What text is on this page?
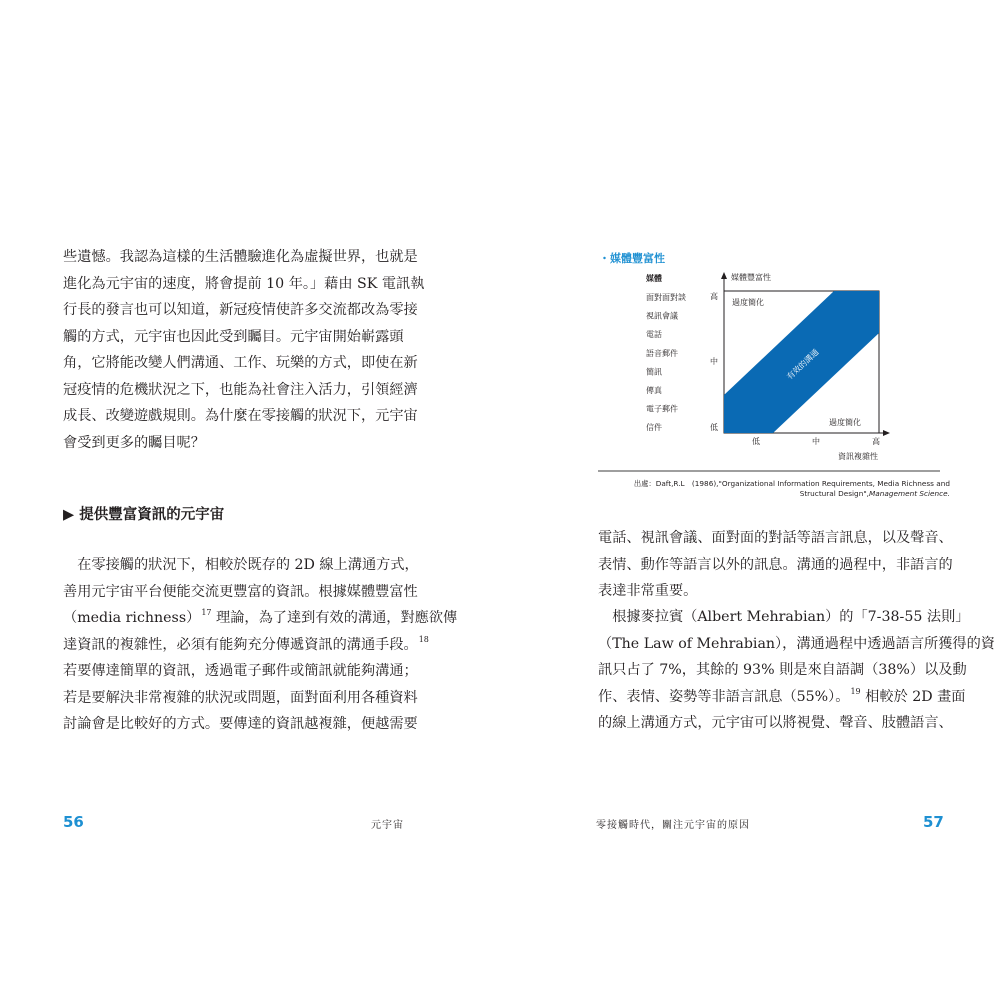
些遺憾。我認為這樣的生活體驗進化為虛擬世界，也就是
進化為元宇宙的速度，將會提前 10 年。」藉由 SK 電訊執
行長的發言也可以知道，新冠疫情使許多交流都改為零接
觸的方式，元宇宙也因此受到矚目。元宇宙開始嶄露頭
角，它將能改變人們溝通、工作、玩樂的方式，即使在新
冠疫情的危機狀況之下，也能為社會注入活力，引領經濟
成長、改變遊戲規則。為什麼在零接觸的狀況下，元宇宙
會受到更多的矚目呢？
▶ 提供豐富資訊的元宇宙
　在零接觸的狀況下，相較於既存的 2D 線上溝通方式，
善用元宇宙平台便能交流更豐富的資訊。根據媒體豐富性
（media richness）$^{17}$ 理論，為了達到有效的溝通，對應欲傳
達資訊的複雜性，必須有能夠充分傳遞資訊的溝通手段。$^{18}$
若要傳達簡單的資訊，透過電子郵件或簡訊就能夠溝通；
若是要解決非常複雜的狀況或問題，面對面利用各種資料
討論會是比較好的方式。要傳達的資訊越複雜，便越需要
56	元宇宙
・媒體豐富性
媒體
面對面對談
視訊會議
電話
語音郵件
簡訊
傳真
電子郵件
信件
有效的溝通
過度簡化
過度簡化
媒體豐富性
資訊複雜性
高
中
低
低	中	高
出處：Daft,R.L　(1986),"Organizational Information Requirements, Media Richness and
Structural Design",Management Science.
電話、視訊會議、面對面的對話等語言訊息，以及聲音、
表情、動作等語言以外的訊息。溝通的過程中，非語言的
表達非常重要。
　根據麥拉賓（Albert Mehrabian）的「7-38-55 法則」
（The Law of Mehrabian），溝通過程中透過語言所獲得的資
訊只占了 7%，其餘的 93% 則是來自語調（38%）以及動
作、表情、姿勢等非語言訊息（55%）。$^{19}$ 相較於 2D 畫面
的線上溝通方式，元宇宙可以將視覺、聲音、肢體語言、
零接觸時代，關注元宇宙的原因	57
